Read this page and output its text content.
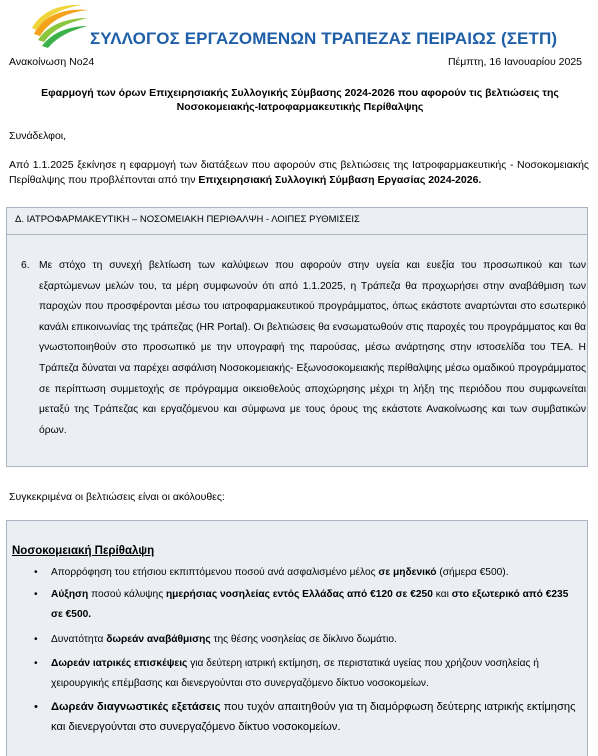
ΣΥΛΛΟΓΟΣ ΕΡΓΑΖΟΜΕΝΩΝ ΤΡΑΠΕΖΑΣ ΠΕΙΡΑΙΩΣ (ΣΕΤΠ)
Ανακοίνωση Νο24	Πέμπτη, 16 Ιανουαρίου 2025
Εφαρμογή των όρων Επιχειρησιακής Συλλογικής Σύμβασης 2024-2026 που αφορούν τις βελτιώσεις της
Νοσοκομειακής-Ιατροφαρμακευτικής Περίθαλψης
Συνάδελφοι,
Από 1.1.2025 ξεκίνησε η εφαρμογή των διατάξεων που αφορούν στις βελτιώσεις της Ιατροφαρμακευτικής - Νοσοκομειακής Περίθαλψης που προβλέπονται από την Επιχειρησιακή Συλλογική Σύμβαση Εργασίας 2024-2026.
Δ. ΙΑΤΡΟΦΑΡΜΑΚΕΥΤΙΚΗ – ΝΟΣΟΜΕΙΑΚΗ ΠΕΡΙΘΑΛΨΗ - ΛΟΙΠΕΣ ΡΥΘΜΙΣΕΙΣ
6. Με στόχο τη συνεχή βελτίωση των καλύψεων που αφορούν στην υγεία και ευεξία του προσωπικού και των εξαρτώμενων μελών του, τα μέρη συμφωνούν ότι από 1.1.2025, η Τράπεζα θα προχωρήσει στην αναβάθμιση των παροχών που προσφέρονται μέσω του ιατροφαρμακευτικού προγράμματος, όπως εκάστοτε αναρτώνται στο εσωτερικό κανάλι επικοινωνίας της τράπεζας (HR Portal). Οι βελτιώσεις θα ενσωματωθούν στις παροχές του προγράμματος και θα γνωστοποιηθούν στο προσωπικό με την υπογραφή της παρούσας, μέσω ανάρτησης στην ιστοσελίδα του ΤΕΑ. Η Τράπεζα δύναται να παρέχει ασφάλιση Νοσοκομειακής- Εξωνοσοκομειακής περίθαλψης μέσω ομαδικού προγράμματος σε περίπτωση συμμετοχής σε πρόγραμμα οικειοθελούς αποχώρησης μέχρι τη λήξη της περιόδου που συμφωνείται μεταξύ της Τράπεζας και εργαζόμενου και σύμφωνα με τους όρους της εκάστοτε Ανακοίνωσης και των συμβατικών όρων.
Συγκεκριμένα οι βελτιώσεις είναι οι ακόλουθες:
Νοσοκομειακή Περίθαλψη
• Απορρόφηση του ετήσιου εκπιπτόμενου ποσού ανά ασφαλισμένο μέλος σε μηδενικό (σήμερα €500).
• Αύξηση ποσού κάλυψης ημερήσιας νοσηλείας εντός Ελλάδας από €120 σε €250 και στο εξωτερικό από €235 σε €500.
• Δυνατότητα δωρεάν αναβάθμισης της θέσης νοσηλείας σε δίκλινο δωμάτιο.
• Δωρεάν ιατρικές επισκέψεις για δεύτερη ιατρική εκτίμηση, σε περιστατικά υγείας που χρήζουν νοσηλείας ή χειρουργικής επέμβασης και διενεργούνται στο συνεργαζόμενο δίκτυο νοσοκομείων.
• Δωρεάν διαγνωστικές εξετάσεις που τυχόν απαιτηθούν για τη διαμόρφωση δεύτερης ιατρικής εκτίμησης και διενεργούνται στο συνεργαζόμενο δίκτυο νοσοκομείων.
